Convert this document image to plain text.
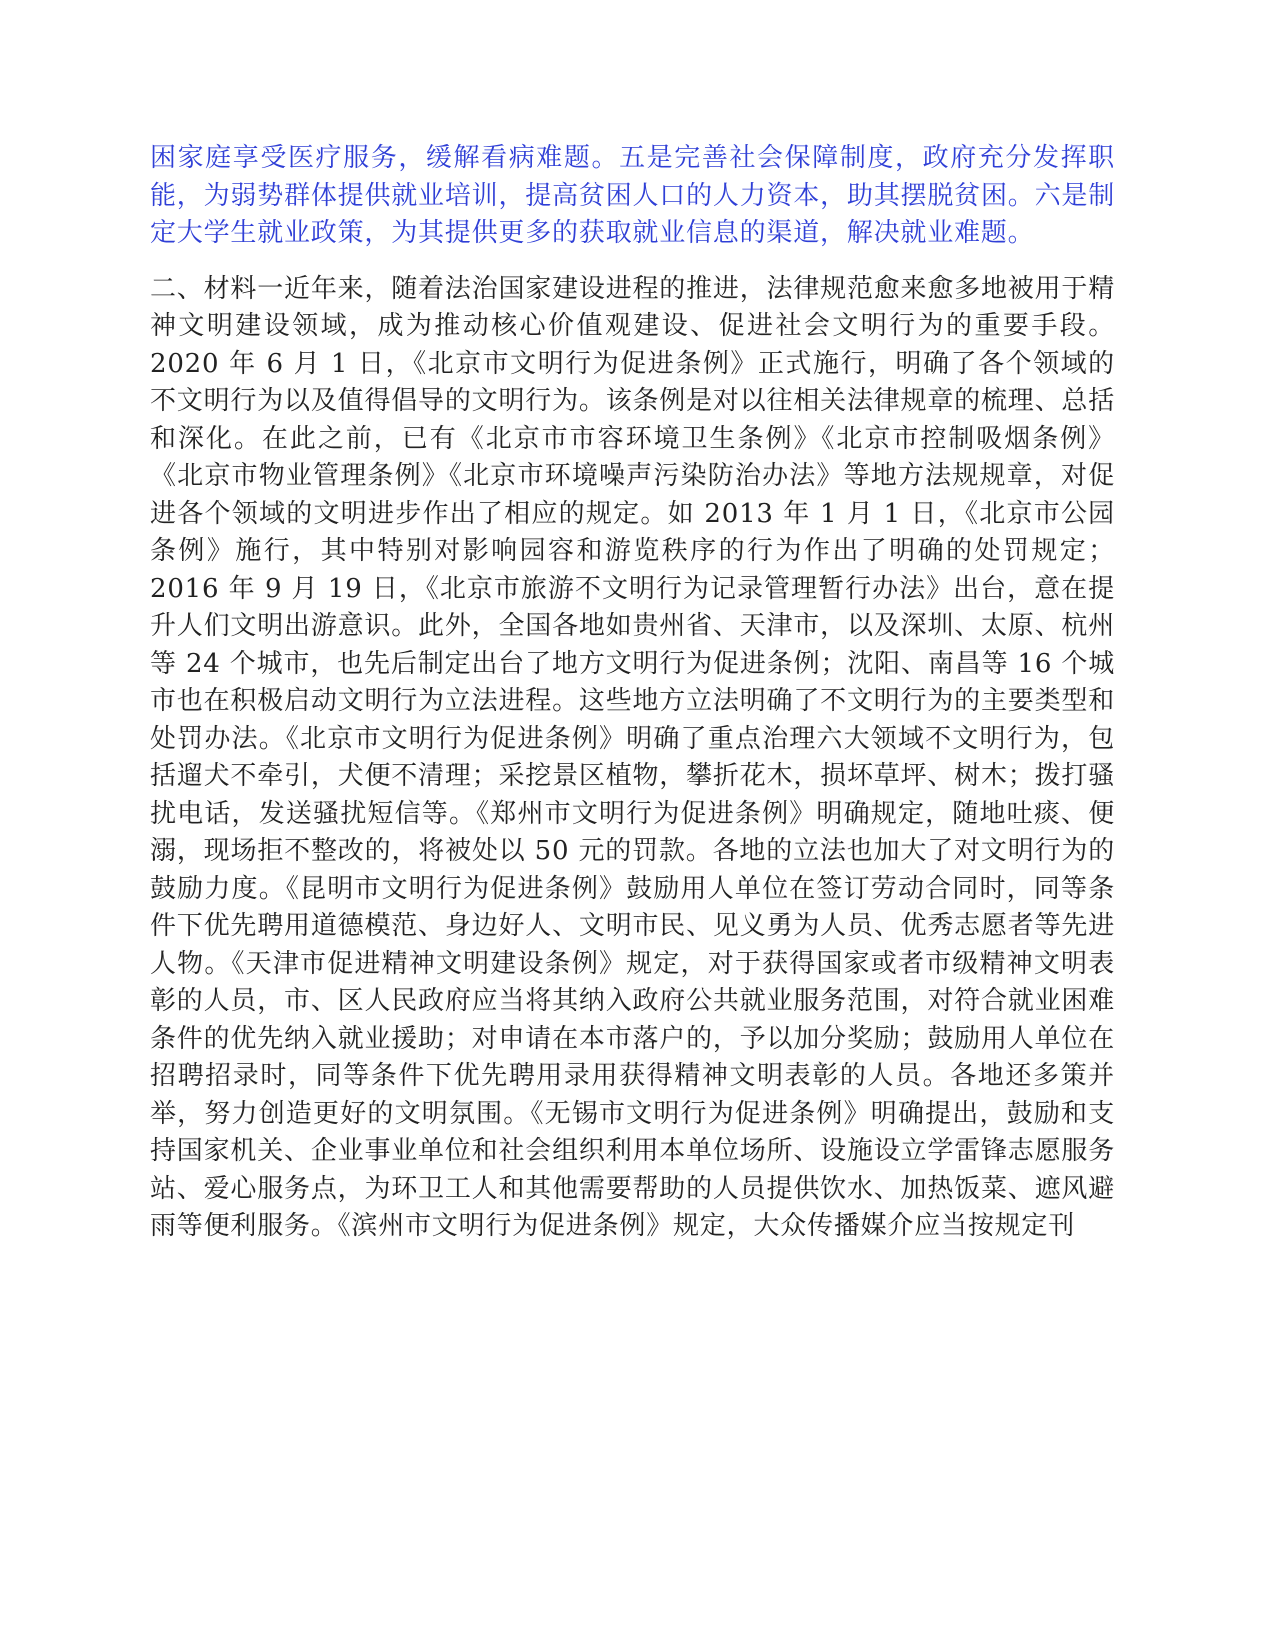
困家庭享受医疗服务，缓解看病难题。五是完善社会保障制度，政府充分发挥职能，为弱势群体提供就业培训，提高贫困人口的人力资本，助其摆脱贫困。六是制定大学生就业政策，为其提供更多的获取就业信息的渠道，解决就业难题。

二、材料一近年来，随着法治国家建设进程的推进，法律规范愈来愈多地被用于精神文明建设领域，成为推动核心价值观建设、促进社会文明行为的重要手段。2020 年 6 月 1 日，《北京市文明行为促进条例》正式施行，明确了各个领域的不文明行为以及值得倡导的文明行为。该条例是对以往相关法律规章的梳理、总括和深化。在此之前，已有《北京市市容环境卫生条例》《北京市控制吸烟条例》《北京市物业管理条例》《北京市环境噪声污染防治办法》等地方法规规章，对促进各个领域的文明进步作出了相应的规定。如 2013 年 1 月 1 日，《北京市公园条例》施行，其中特别对影响园容和游览秩序的行为作出了明确的处罚规定；2016 年 9 月 19 日，《北京市旅游不文明行为记录管理暂行办法》出台，意在提升人们文明出游意识。此外，全国各地如贵州省、天津市，以及深圳、太原、杭州等 24 个城市，也先后制定出台了地方文明行为促进条例；沈阳、南昌等 16 个城市也在积极启动文明行为立法进程。这些地方立法明确了不文明行为的主要类型和处罚办法。《北京市文明行为促进条例》明确了重点治理六大领域不文明行为，包括遛犬不牵引，犬便不清理；采挖景区植物，攀折花木，损坏草坪、树木；拨打骚扰电话，发送骚扰短信等。《郑州市文明行为促进条例》明确规定，随地吐痰、便溺，现场拒不整改的，将被处以 50 元的罚款。各地的立法也加大了对文明行为的鼓励力度。《昆明市文明行为促进条例》鼓励用人单位在签订劳动合同时，同等条件下优先聘用道德模范、身边好人、文明市民、见义勇为人员、优秀志愿者等先进人物。《天津市促进精神文明建设条例》规定，对于获得国家或者市级精神文明表彰的人员，市、区人民政府应当将其纳入政府公共就业服务范围，对符合就业困难条件的优先纳入就业援助；对申请在本市落户的，予以加分奖励；鼓励用人单位在招聘招录时，同等条件下优先聘用录用获得精神文明表彰的人员。各地还多策并举，努力创造更好的文明氛围。《无锡市文明行为促进条例》明确提出，鼓励和支持国家机关、企业事业单位和社会组织利用本单位场所、设施设立学雷锋志愿服务站、爱心服务点，为环卫工人和其他需要帮助的人员提供饮水、加热饭菜、遮风避雨等便利服务。《滨州市文明行为促进条例》规定，大众传播媒介应当按规定刊
